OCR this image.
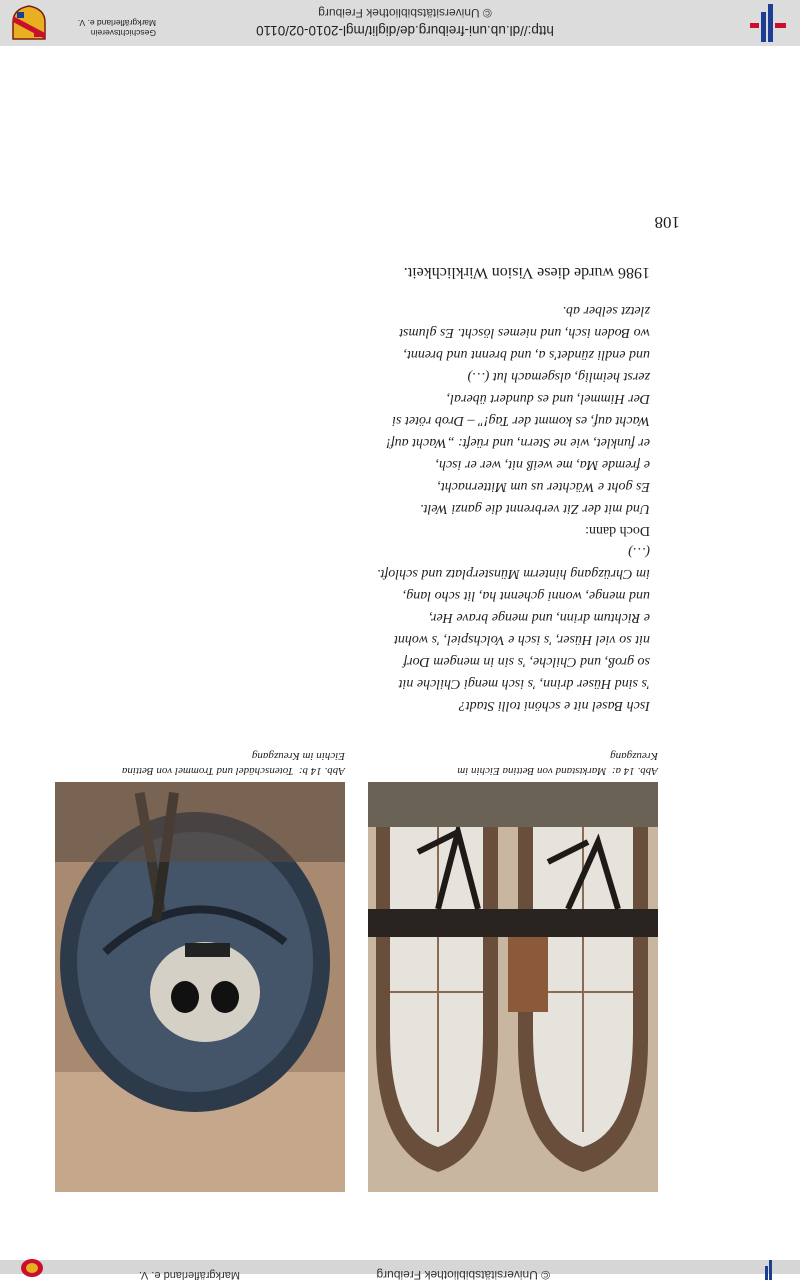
Geschichtsverein
Markgräflerland e. V.
© Universitätsbibliothek Freiburg
http://dl.ub.uni-freiburg.de/diglit/mgl-2010-02/0110
Markgräflerland e. V.	© Universitätsbibliothek Freiburg
Abb. 14 b:  Totenschädel und Trommel von Bettina
Eichin im Kreuzgang
Abb. 14 a:  Marktstand von Bettina Eichin im
Kreuzgang
Isch Basel nit e schöni tolli Stadt?
's sind Hüser drinn, 's isch mengi Chilche nit
so groß, und Chilche, 's sin in mengem Dorf
nit so viel Hüser, 's isch e Volchspiel, 's wohnt
e Richtum drinn, und menge brave Her,
und menge, wonni gchennt ha, lit scho lang,
im Chrüzgang hinterm Münsterplatz und schloft.
(…)
Doch dann:
Und mit der Zit verbrennt die ganzi Welt.
Es goht e Wächter us um Mitternacht,
e fremde Ma, me weiß nit, wer er isch,
er funklet, wie ne Stern, und rüeft: „Wacht auf!
Wacht auf, es kommt der Tag!" – Drob rötet si
Der Himmel, und es dundert überal,
zerst heimlig, alsgemach lut (…)
und endli zündet's a, und brennt und brennt,
wo Boden isch, und niemes löscht. Es glumst
zletzt selber ab.
1986 wurde diese Vision Wirklichkeit.
108
